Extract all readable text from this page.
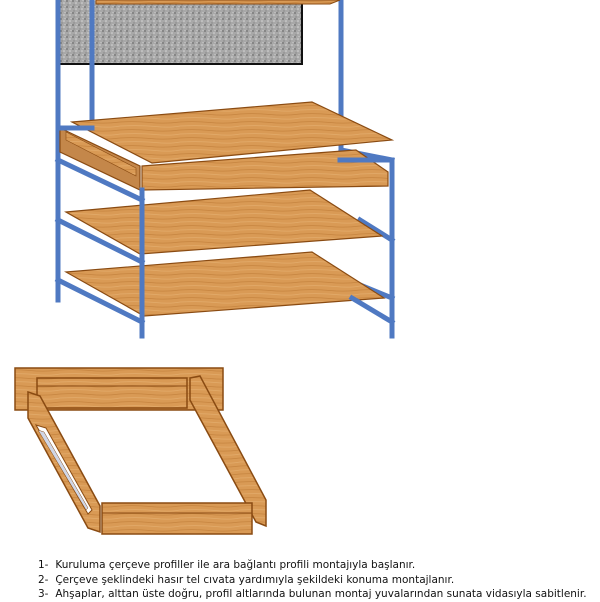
1- Kuruluma çerçeve profiller ile ara bağlantı profili montajıyla başlanır.
2- Çerçeve şeklindeki hasır tel cıvata yardımıyla şekildeki konuma montajlanır.
3- Ahşaplar, alttan üste doğru, profil altlarında bulunan montaj yuvalarından sunata vidasıyla sabitlenir.
